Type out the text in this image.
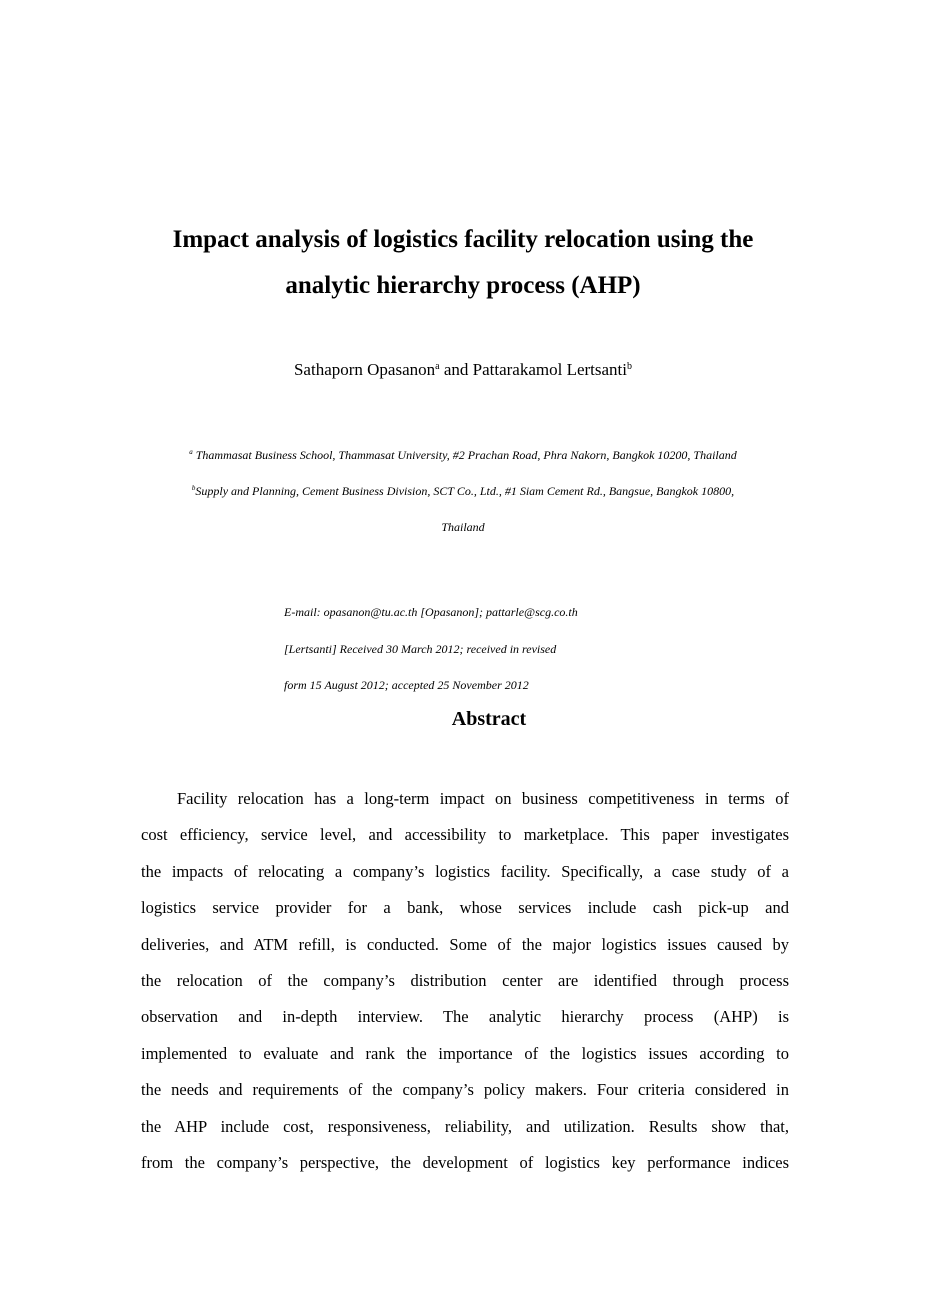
Impact analysis of logistics facility relocation using the
analytic hierarchy process (AHP)
Sathaporn Opasanon$^a$ and Pattarakamol Lertsanti$^b$
$^a$ Thammasat Business School, Thammasat University, #2 Prachan Road, Phra Nakorn, Bangkok 10200, Thailand
$^b$Supply and Planning, Cement Business Division, SCT Co., Ltd., #1 Siam Cement Rd., Bangsue, Bangkok 10800,
Thailand
E-mail: opasanon@tu.ac.th [Opasanon]; pattarle@scg.co.th
[Lertsanti] Received 30 March 2012; received in revised
form 15 August 2012; accepted 25 November 2012
Abstract
Facility relocation has a long-term impact on business competitiveness in terms of
cost efficiency, service level, and accessibility to marketplace. This paper investigates
the impacts of relocating a company’s logistics facility. Specifically, a case study of a
logistics service provider for a bank, whose services include cash pick-up and
deliveries, and ATM refill, is conducted. Some of the major logistics issues caused by
the relocation of the company’s distribution center are identified through process
observation and in-depth interview. The analytic hierarchy process (AHP) is
implemented to evaluate and rank the importance of the logistics issues according to
the needs and requirements of the company’s policy makers. Four criteria considered in
the AHP include cost, responsiveness, reliability, and utilization. Results show that,
from the company’s perspective, the development of logistics key performance indices
